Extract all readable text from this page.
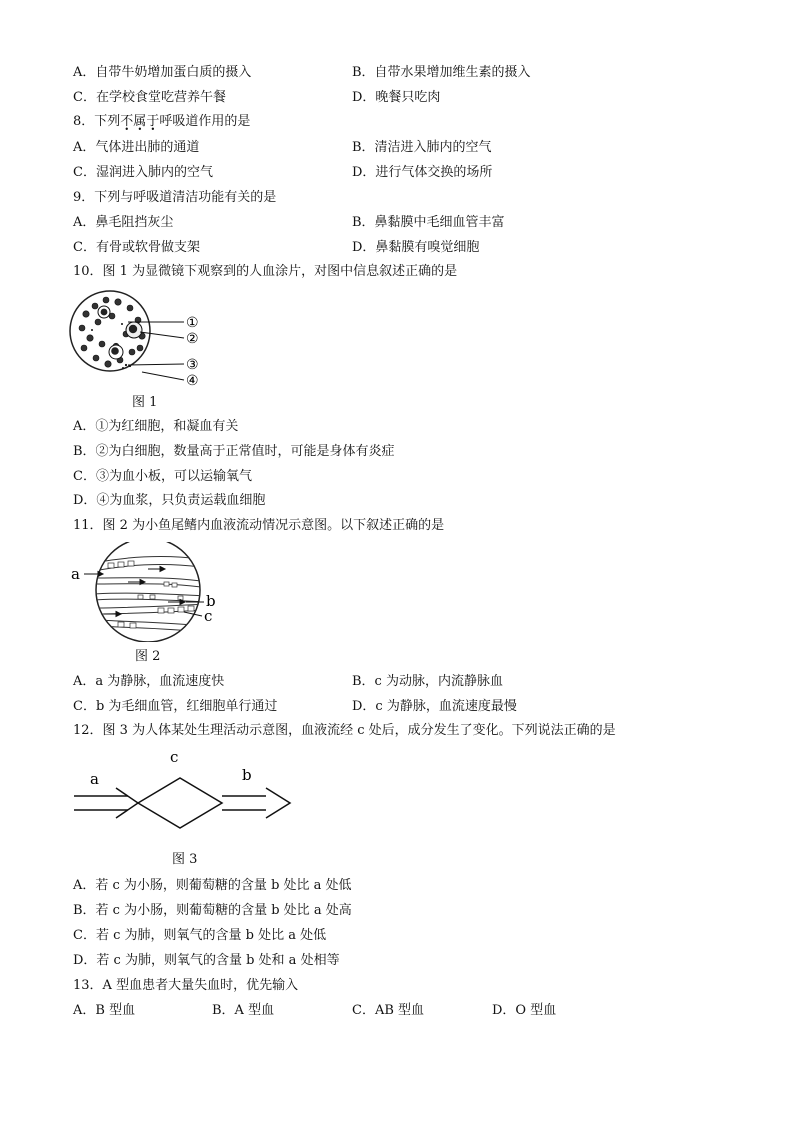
A．自带牛奶增加蛋白质的摄入	B．自带水果增加维生素的摄入
C．在学校食堂吃营养午餐	D．晚餐只吃肉
8．下列不属于呼吸道作用的是
A．气体进出肺的通道	B．清洁进入肺内的空气
C．湿润进入肺内的空气	D．进行气体交换的场所
9．下列与呼吸道清洁功能有关的是
A．鼻毛阻挡灰尘	B．鼻黏膜中毛细血管丰富
C．有骨或软骨做支架	D．鼻黏膜有嗅觉细胞
10．图 1 为显微镜下观察到的人血涂片，对图中信息叙述正确的是
①
②
③
④
图 1
A．①为红细胞，和凝血有关
B．②为白细胞，数量高于正常值时，可能是身体有炎症
C．③为血小板，可以运输氧气
D．④为血浆，只负责运载血细胞
11．图 2 为小鱼尾鳍内血液流动情况示意图。以下叙述正确的是
a
b
c
图 2
A．a 为静脉，血流速度快	B．c 为动脉，内流静脉血
C．b 为毛细血管，红细胞单行通过	D．c 为静脉，血流速度最慢
12．图 3 为人体某处生理活动示意图，血液流经 c 处后，成分发生了变化。下列说法正确的是
a
c
b
图 3
A．若 c 为小肠，则葡萄糖的含量 b 处比 a 处低
B．若 c 为小肠，则葡萄糖的含量 b 处比 a 处高
C．若 c 为肺，则氧气的含量 b 处比 a 处低
D．若 c 为肺，则氧气的含量 b 处和 a 处相等
13．A 型血患者大量失血时，优先输入
A．B 型血	B．A 型血	C．AB 型血	D．O 型血
